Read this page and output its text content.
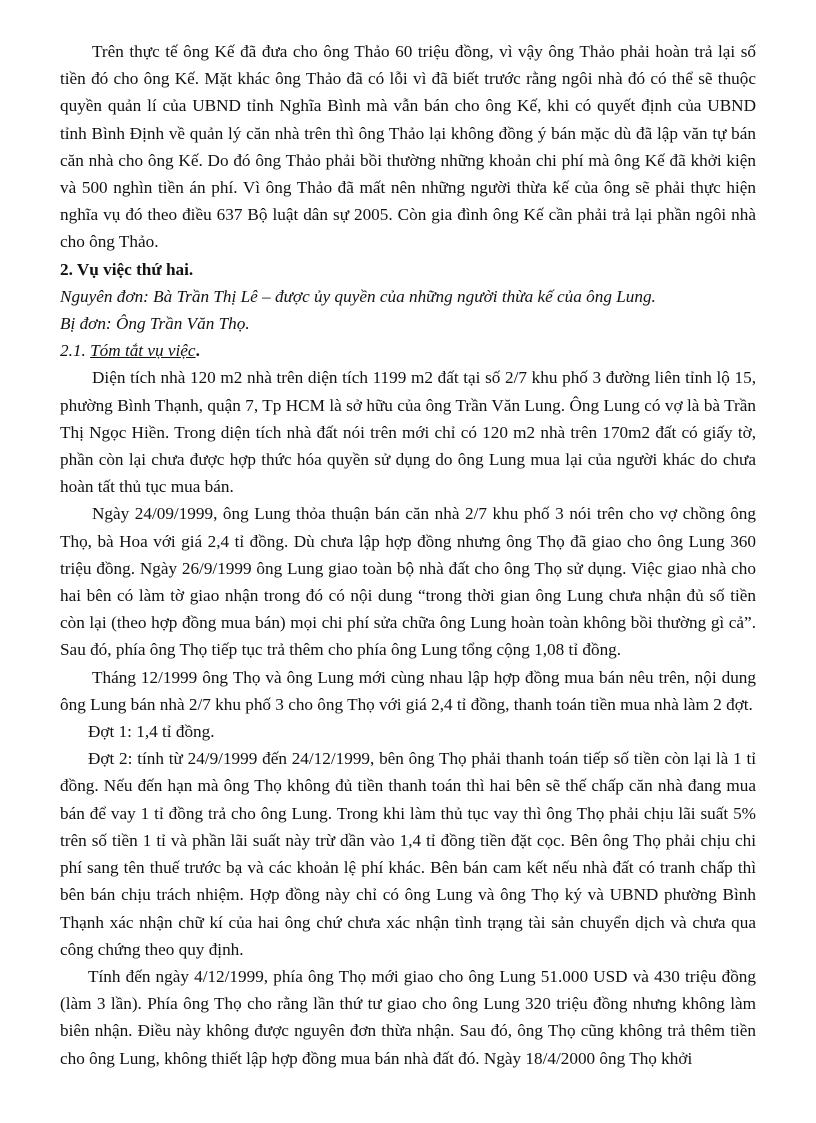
Trên thực tế ông Kế đã đưa cho ông Thảo 60 triệu đồng, vì vậy ông Thảo phải hoàn trả lại số tiền đó cho ông Kế. Mặt khác ông Thảo đã có lỗi vì đã biết trước rằng ngôi nhà đó có thể sẽ thuộc quyền quản lí của UBND tỉnh Nghĩa Bình mà vẫn bán cho ông Kế, khi có quyết định của UBND tỉnh Bình Định về quản lý căn nhà trên thì ông Thảo lại không đồng ý bán mặc dù đã lập văn tự bán căn nhà cho ông Kế. Do đó ông Thảo phải bồi thường những khoản chi phí mà ông Kế đã khởi kiện và 500 nghìn tiền án phí. Vì ông Thảo đã mất nên những người thừa kế của ông sẽ phải thực hiện nghĩa vụ đó theo điều 637 Bộ luật dân sự 2005. Còn gia đình ông Kế cần phải trả lại phần ngôi nhà cho ông Thảo.

2. Vụ việc thứ hai.

Nguyên đơn: Bà Trần Thị Lê – được ủy quyền của những người thừa kế của ông Lung.

Bị đơn: Ông Trần Văn Thọ.

2.1. Tóm tắt vụ việc.

Diện tích nhà 120 m2 nhà trên diện tích 1199 m2 đất tại số 2/7 khu phố 3 đường liên tỉnh lộ 15, phường Bình Thạnh, quận 7, Tp HCM là sở hữu của ông Trần Văn Lung. Ông Lung có vợ là bà Trần Thị Ngọc Hiền. Trong diện tích nhà đất nói trên mới chỉ có 120 m2 nhà trên 170m2 đất có giấy tờ, phần còn lại chưa được hợp thức hóa quyền sử dụng do ông Lung mua lại của người khác do chưa hoàn tất thủ tục mua bán.

Ngày 24/09/1999, ông Lung thỏa thuận bán căn nhà 2/7 khu phố 3 nói trên cho vợ chồng ông Thọ, bà Hoa với giá 2,4 tỉ đồng. Dù chưa lập hợp đồng nhưng ông Thọ đã giao cho ông Lung 360 triệu đồng. Ngày 26/9/1999 ông Lung giao toàn bộ nhà đất cho ông Thọ sử dụng. Việc giao nhà cho hai bên có làm tờ giao nhận trong đó có nội dung “trong thời gian ông Lung chưa nhận đủ số tiền còn lại (theo hợp đồng mua bán) mọi chi phí sửa chữa ông Lung hoàn toàn không bồi thường gì cả”. Sau đó, phía ông Thọ tiếp tục trả thêm cho phía ông Lung tổng cộng 1,08 tỉ đồng.

Tháng 12/1999 ông Thọ và ông Lung mới cùng nhau lập hợp đồng mua bán nêu trên, nội dung ông Lung bán nhà 2/7 khu phố 3 cho ông Thọ với giá 2,4 tỉ đồng, thanh toán tiền mua nhà làm 2 đợt.

Đợt 1: 1,4 tỉ đồng.

Đợt 2: tính từ 24/9/1999 đến 24/12/1999, bên ông Thọ phải thanh toán tiếp số tiền còn lại là 1 tỉ đồng. Nếu đến hạn mà ông Thọ không đủ tiền thanh toán thì hai bên sẽ thế chấp căn nhà đang mua bán để vay 1 tỉ đồng trả cho ông Lung. Trong khi làm thủ tục vay thì ông Thọ phải chịu lãi suất 5% trên số tiền 1 tỉ và phần lãi suất này trừ dần vào 1,4 tỉ đồng tiền đặt cọc. Bên ông Thọ phải chịu chi phí sang tên thuế trước bạ và các khoản lệ phí khác. Bên bán cam kết nếu nhà đất có tranh chấp thì bên bán chịu trách nhiệm. Hợp đồng này chỉ có ông Lung và ông Thọ ký và UBND phường Bình Thạnh xác nhận chữ kí của hai ông chứ chưa xác nhận tình trạng tài sản chuyển dịch và chưa qua công chứng theo quy định.

Tính đến ngày 4/12/1999, phía ông Thọ mới giao cho ông Lung 51.000 USD và 430 triệu đồng (làm 3 lần). Phía ông Thọ cho rằng lần thứ tư giao cho ông Lung 320 triệu đồng nhưng không làm biên nhận. Điều này không được nguyên đơn thừa nhận. Sau đó, ông Thọ cũng không trả thêm tiền cho ông Lung, không thiết lập hợp đồng mua bán nhà đất đó. Ngày 18/4/2000 ông Thọ khởi
